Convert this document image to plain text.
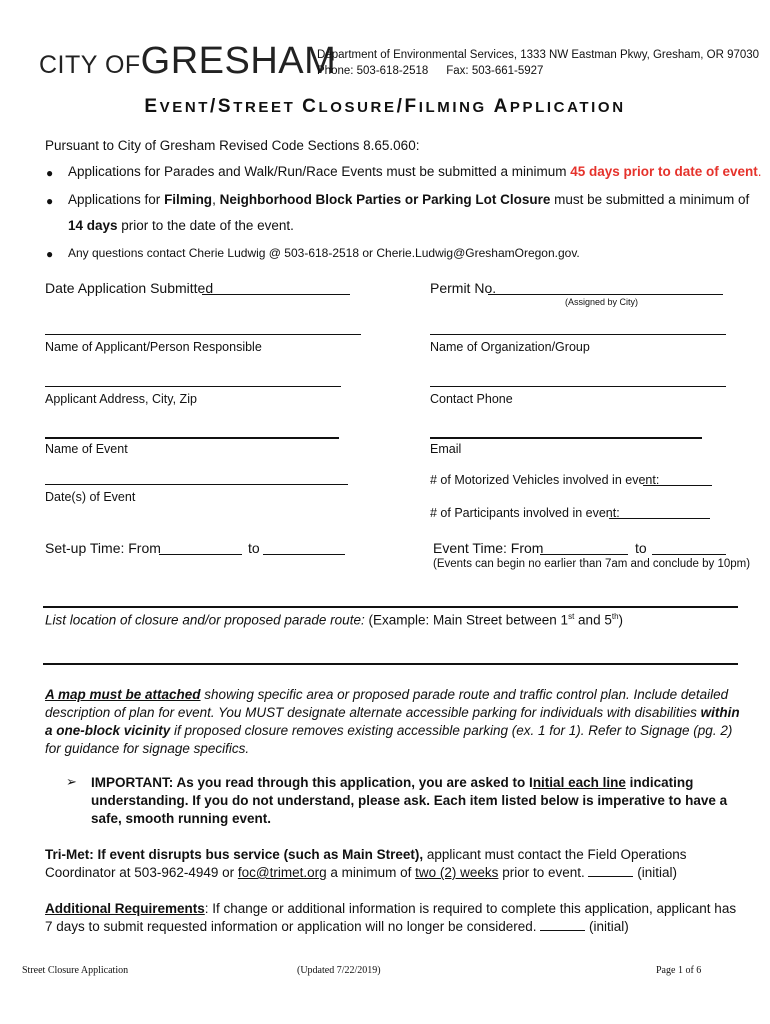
CITY OFGRESHAM
Department of Environmental Services, 1333 NW Eastman Pkwy, Gresham, OR 97030
Phone: 503-618-2518 Fax: 503-661-5927
EVENT/STREET CLOSURE/FILMING APPLICATION
Pursuant to City of Gresham Revised Code Sections 8.65.060:
● Applications for Parades and Walk/Run/Race Events must be submitted a minimum 45 days prior to date of event.
● Applications for Filming, Neighborhood Block Parties or Parking Lot Closure must be submitted a minimum of
14 days prior to the date of the event.
● Any questions contact Cherie Ludwig @ 503-618-2518 or Cherie.Ludwig@GreshamOregon.gov.
Date Application Submitted	Permit No.
(Assigned by City)
Name of Applicant/Person Responsible	Name of Organization/Group
Applicant Address, City, Zip	Contact Phone
Name of Event	Email
Date(s) of Event
# of Motorized Vehicles involved in event:
# of Participants involved in event:
Set-up Time: From	to	Event Time: From	to
(Events can begin no earlier than 7am and conclude by 10pm)
List location of closure and/or proposed parade route: (Example: Main Street between 1st and 5th)
A map must be attached showing specific area or proposed parade route and traffic control plan. Include detailed description of plan for event. You MUST designate alternate accessible parking for individuals with disabilities within a one-block vicinity if proposed closure removes existing accessible parking (ex. 1 for 1). Refer to Signage (pg. 2) for guidance for signage specifics.
➢ IMPORTANT: As you read through this application, you are asked to Initial each line indicating understanding. If you do not understand, please ask. Each item listed below is imperative to have a safe, smooth running event.
Tri-Met: If event disrupts bus service (such as Main Street), applicant must contact the Field Operations Coordinator at 503-962-4949 or foc@trimet.org a minimum of two (2) weeks prior to event.	(initial)
Additional Requirements: If change or additional information is required to complete this application, applicant has 7 days to submit requested information or application will no longer be considered.	(initial)
Street Closure Application	(Updated 7/22/2019)	Page 1 of 6
